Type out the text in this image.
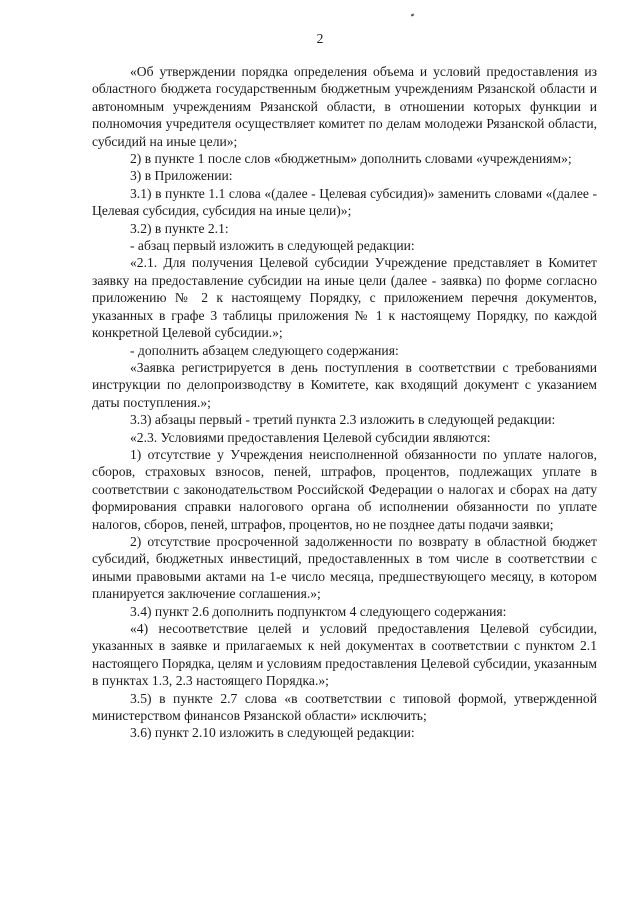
2

«Об утверждении порядка определения объема и условий предоставления из областного бюджета государственным бюджетным учреждениям Рязанской области и автономным учреждениям Рязанской области, в отношении которых функции и полномочия учредителя осуществляет комитет по делам молодежи Рязанской области, субсидий на иные цели»;

2) в пункте 1 после слов «бюджетным» дополнить словами «учреждениям»;

3) в Приложении:

3.1) в пункте 1.1 слова «(далее - Целевая субсидия)» заменить словами «(далее - Целевая субсидия, субсидия на иные цели)»;

3.2) в пункте 2.1:

- абзац первый изложить в следующей редакции:

«2.1. Для получения Целевой субсидии Учреждение представляет в Комитет заявку на предоставление субсидии на иные цели (далее - заявка) по форме согласно приложению № 2 к настоящему Порядку, с приложением перечня документов, указанных в графе 3 таблицы приложения № 1 к настоящему Порядку, по каждой конкретной Целевой субсидии.»;

- дополнить абзацем следующего содержания:

«Заявка регистрируется в день поступления в соответствии с требованиями инструкции по делопроизводству в Комитете, как входящий документ с указанием даты поступления.»;

3.3) абзацы первый - третий пункта 2.3 изложить в следующей редакции:

«2.3. Условиями предоставления Целевой субсидии являются:

1) отсутствие у Учреждения неисполненной обязанности по уплате налогов, сборов, страховых взносов, пеней, штрафов, процентов, подлежащих уплате в соответствии с законодательством Российской Федерации о налогах и сборах на дату формирования справки налогового органа об исполнении обязанности по уплате налогов, сборов, пеней, штрафов, процентов, но не позднее даты подачи заявки;

2) отсутствие просроченной задолженности по возврату в областной бюджет субсидий, бюджетных инвестиций, предоставленных в том числе в соответствии с иными правовыми актами на 1-е число месяца, предшествующего месяцу, в котором планируется заключение соглашения.»;

3.4) пункт 2.6 дополнить подпунктом 4 следующего содержания:

«4) несоответствие целей и условий предоставления Целевой субсидии, указанных в заявке и прилагаемых к ней документах в соответствии с пунктом 2.1 настоящего Порядка, целям и условиям предоставления Целевой субсидии, указанным в пунктах 1.3, 2.3 настоящего Порядка.»;

3.5) в пункте 2.7 слова «в соответствии с типовой формой, утвержденной министерством финансов Рязанской области» исключить;

3.6) пункт 2.10 изложить в следующей редакции:
